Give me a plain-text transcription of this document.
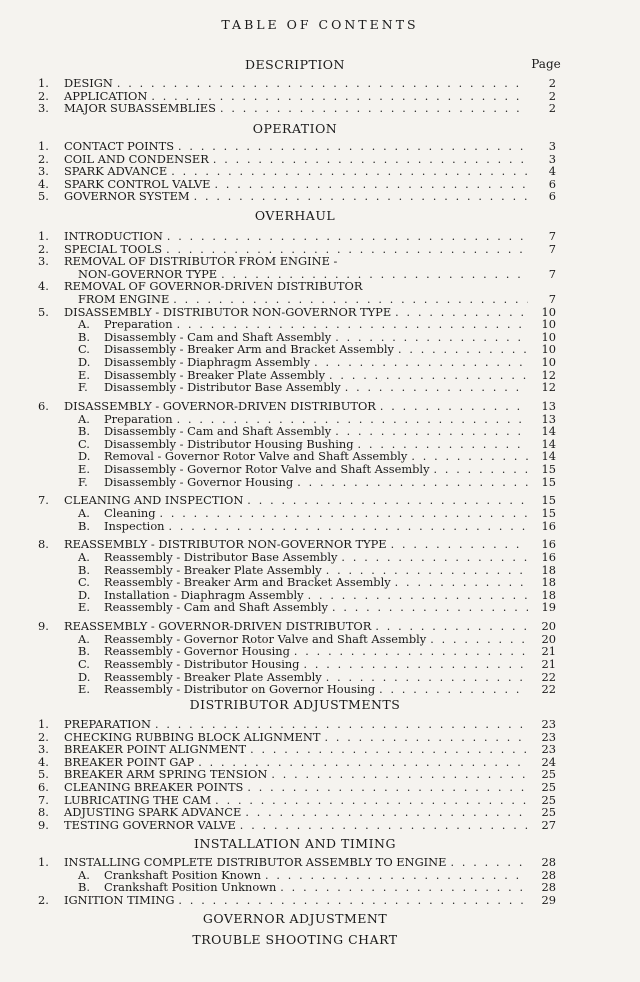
TABLE OF CONTENTS
Page
DESCRIPTION
1.	DESIGN . . .	2
2.	APPLICATION . . .	2
3.	MAJOR SUBASSEMBLIES . . .	2
OPERATION
1.	CONTACT POINTS . . .	3
2.	COIL AND CONDENSER . . .	3
3.	SPARK ADVANCE . . .	4
4.	SPARK CONTROL VALVE . . .	6
5.	GOVERNOR SYSTEM . . .	6
OVERHAUL
1.	INTRODUCTION . . .	7
2.	SPECIAL TOOLS . . .	7
3.	REMOVAL OF DISTRIBUTOR FROM ENGINE -
NON-GOVERNOR TYPE . . .	7
4.	REMOVAL OF GOVERNOR-DRIVEN DISTRIBUTOR
FROM ENGINE . . .	7
5.	DISASSEMBLY - DISTRIBUTOR NON-GOVERNOR TYPE . . .	10
A.	Preparation . . .	10
B.	Disassembly - Cam and Shaft Assembly . . .	10
C.	Disassembly - Breaker Arm and Bracket Assembly . . .	10
D.	Disassembly - Diaphragm Assembly . . .	10
E.	Disassembly - Breaker Plate Assembly . . .	12
F.	Disassembly - Distributor Base Assembly . . .	12
6.	DISASSEMBLY - GOVERNOR-DRIVEN DISTRIBUTOR . . .	13
A.	Preparation . . .	13
B.	Disassembly - Cam and Shaft Assembly . . .	14
C.	Disassembly - Distributor Housing Bushing . . .	14
D.	Removal - Governor Rotor Valve and Shaft Assembly . . .	14
E.	Disassembly - Governor Rotor Valve and Shaft Assembly . . .	15
F.	Disassembly - Governor Housing . . .	15
7.	CLEANING AND INSPECTION . . .	15
A.	Cleaning . . .	15
B.	Inspection . . .	16
8.	REASSEMBLY - DISTRIBUTOR NON-GOVERNOR TYPE . . .	16
A.	Reassembly - Distributor Base Assembly . . .	16
B.	Reassembly - Breaker Plate Assembly . . .	18
C.	Reassembly - Breaker Arm and Bracket Assembly . . .	18
D.	Installation - Diaphragm Assembly . . .	18
E.	Reassembly - Cam and Shaft Assembly . . .	19
9.	REASSEMBLY - GOVERNOR-DRIVEN DISTRIBUTOR . . .	20
A.	Reassembly - Governor Rotor Valve and Shaft Assembly . . .	20
B.	Reassembly - Governor Housing . . .	21
C.	Reassembly - Distributor Housing . . .	21
D.	Reassembly - Breaker Plate Assembly . . .	22
E.	Reassembly - Distributor on Governor Housing . . .	22
DISTRIBUTOR ADJUSTMENTS
1.	PREPARATION . . .	23
2.	CHECKING RUBBING BLOCK ALIGNMENT . . .	23
3.	BREAKER POINT ALIGNMENT . . .	23
4.	BREAKER POINT GAP . . .	24
5.	BREAKER ARM SPRING TENSION . . .	25
6.	CLEANING BREAKER POINTS . . .	25
7.	LUBRICATING THE CAM . . .	25
8.	ADJUSTING SPARK ADVANCE . . .	25
9.	TESTING GOVERNOR VALVE . . .	27
INSTALLATION AND TIMING
1.	INSTALLING COMPLETE DISTRIBUTOR ASSEMBLY TO ENGINE . . .	28
A.	Crankshaft Position Known . . .	28
B.	Crankshaft Position Unknown . . .	28
2.	IGNITION TIMING . . .	29
GOVERNOR ADJUSTMENT
TROUBLE SHOOTING CHART
